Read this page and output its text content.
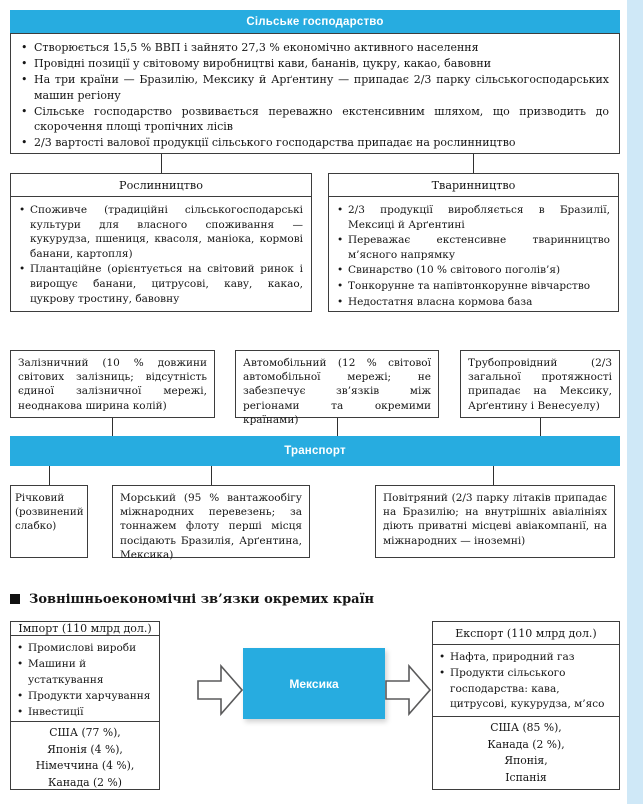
Сільське господарство
• Створюється 15,5 % ВВП і зайнято 27,3 % економічно активного населення
• Провідні позиції у світовому виробництві кави, бананів, цукру, какао, бавовни
• На три країни — Бразилію, Мексику й Арґентину — припадає 2/3 парку сільськогосподарських машин регіону
• Сільське господарство розвивається переважно екстенсивним шляхом, що призводить до скорочення площі тропічних лісів
• 2/3 вартості валової продукції сільського господарства припадає на рослинництво
Рослинництво
• Споживче (традиційні сільськогосподарські культури для власного споживання — кукурудза, пшениця, квасоля, маніока, кормові банани, картопля)
• Плантаційне (орієнтується на світовий ринок і вирощує банани, цитрусові, каву, какао, цукрову тростину, бавовну
Тваринництво
• 2/3 продукції виробляється в Бразилії, Мексиці й Арґентині
• Переважає екстенсивне тваринництво м’ясного напрямку
• Свинарство (10 % світового поголів’я)
• Тонкорунне та напівтонкорунне вівчарство
• Недостатня власна кормова база
Залізничний (10 % довжини світових залізниць; відсутність єдиної залізничної мережі, неоднакова ширина колій)
Автомобільний (12 % світової автомобільної мережі; не забезпечує зв’язків між регіонами та окремими країнами)
Трубопровідний (2/3 загальної протяжності припадає на Мексику, Арґентину і Венесуелу)
Транспорт
Річковий (розвинений слабко)
Морський (95 % вантажообігу міжнародних перевезень; за тоннажем флоту перші місця посідають Бразилія, Арґентина, Мексика)
Повітряний (2/3 парку літаків припадає на Бразилію; на внутрішніх авіалініях діють приватні місцеві авіакомпанії, на міжнародних — іноземні)
Зовнішньоекономічні зв’язки окремих країн
Імпорт (110 млрд дол.)
• Промислові вироби
• Машини й устаткування
• Продукти харчування
• Інвестиції
США (77 %),
Японія (4 %),
Німеччина (4 %),
Канада (2 %)
Мексика
Експорт (110 млрд дол.)
• Нафта, природний газ
• Продукти сільського господарства: кава, цитрусові, кукурудза, м’ясо
США (85 %),
Канада (2 %),
Японія,
Іспанія
